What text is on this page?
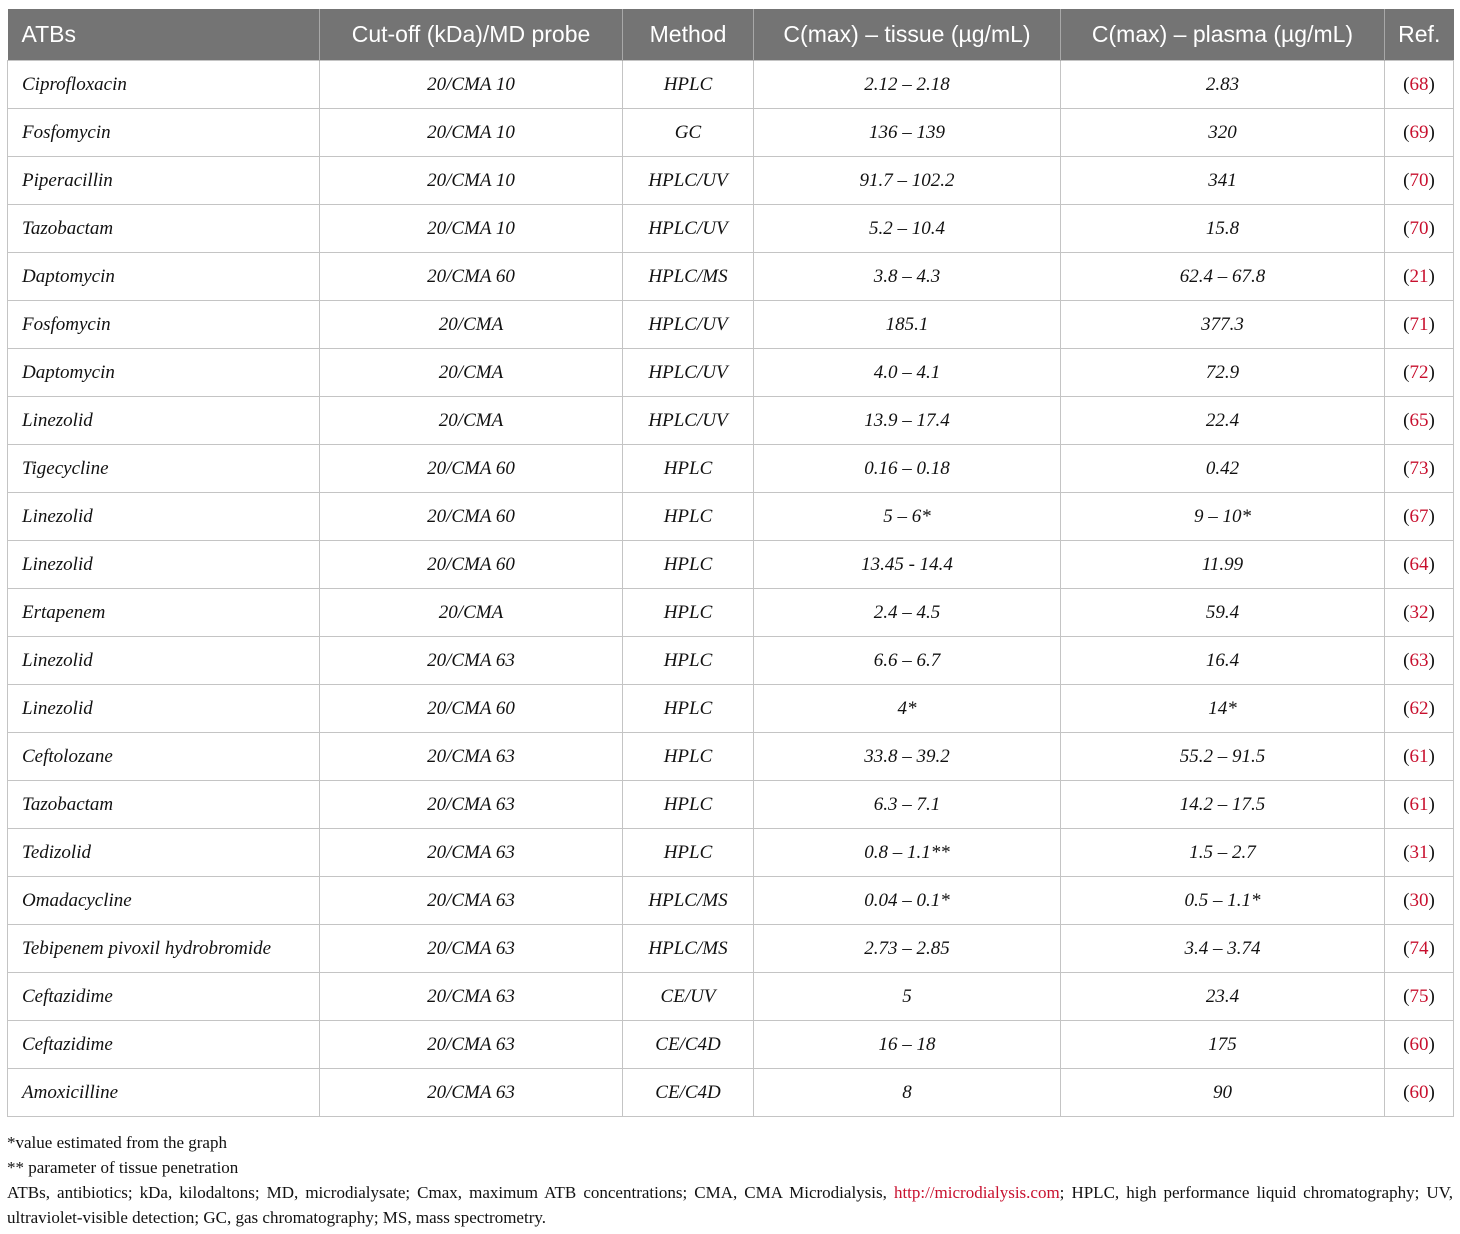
ATBs	Cut-off (kDa)/MD probe	Method	C(max) – tissue (µg/mL)	C(max) – plasma (µg/mL)	Ref.
Ciprofloxacin	20/CMA 10	HPLC	2.12 – 2.18	2.83	(68)
Fosfomycin	20/CMA 10	GC	136 – 139	320	(69)
Piperacillin	20/CMA 10	HPLC/UV	91.7 – 102.2	341	(70)
Tazobactam	20/CMA 10	HPLC/UV	5.2 – 10.4	15.8	(70)
Daptomycin	20/CMA 60	HPLC/MS	3.8 – 4.3	62.4 – 67.8	(21)
Fosfomycin	20/CMA	HPLC/UV	185.1	377.3	(71)
Daptomycin	20/CMA	HPLC/UV	4.0 – 4.1	72.9	(72)
Linezolid	20/CMA	HPLC/UV	13.9 – 17.4	22.4	(65)
Tigecycline	20/CMA 60	HPLC	0.16 – 0.18	0.42	(73)
Linezolid	20/CMA 60	HPLC	5 – 6*	9 – 10*	(67)
Linezolid	20/CMA 60	HPLC	13.45 - 14.4	11.99	(64)
Ertapenem	20/CMA	HPLC	2.4 – 4.5	59.4	(32)
Linezolid	20/CMA 63	HPLC	6.6 – 6.7	16.4	(63)
Linezolid	20/CMA 60	HPLC	4*	14*	(62)
Ceftolozane	20/CMA 63	HPLC	33.8 – 39.2	55.2 – 91.5	(61)
Tazobactam	20/CMA 63	HPLC	6.3 – 7.1	14.2 – 17.5	(61)
Tedizolid	20/CMA 63	HPLC	0.8 – 1.1**	1.5 – 2.7	(31)
Omadacycline	20/CMA 63	HPLC/MS	0.04 – 0.1*	0.5 – 1.1*	(30)
Tebipenem pivoxil hydrobromide	20/CMA 63	HPLC/MS	2.73 – 2.85	3.4 – 3.74	(74)
Ceftazidime	20/CMA 63	CE/UV	5	23.4	(75)
Ceftazidime	20/CMA 63	CE/C4D	16 – 18	175	(60)
Amoxicilline	20/CMA 63	CE/C4D	8	90	(60)

*value estimated from the graph

** parameter of tissue penetration

ATBs, antibiotics; kDa, kilodaltons; MD, microdialysate; Cmax, maximum ATB concentrations; CMA, CMA Microdialysis, http://microdialysis.com; HPLC, high performance liquid chromatography; UV, ultraviolet-visible detection; GC, gas chromatography; MS, mass spectrometry.
